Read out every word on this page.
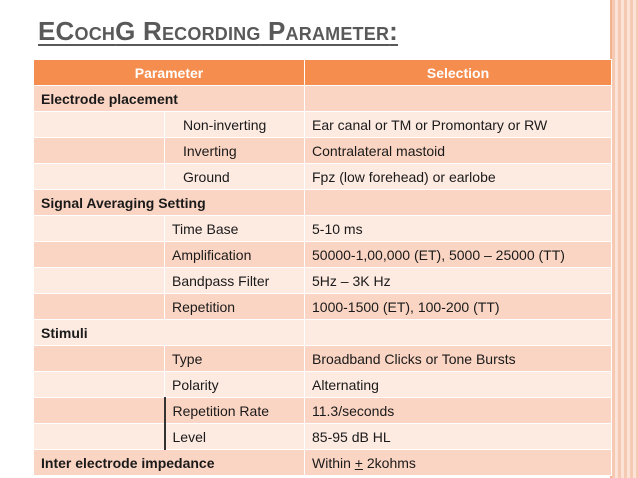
ECochG Recording Parameter:
Parameter		Selection
Electrode placement		
	Non-inverting	Ear canal or TM or Promontary or RW
	Inverting	Contralateral mastoid
	Ground	Fpz (low forehead) or earlobe
Signal Averaging Setting		
	Time Base	5-10 ms
	Amplification	50000-1,00,000 (ET), 5000 – 25000 (TT)
	Bandpass Filter	5Hz – 3K Hz
	Repetition	1000-1500 (ET), 100-200 (TT)
Stimuli		
	Type	Broadband Clicks or Tone Bursts
	Polarity	Alternating
	Repetition Rate	11.3/seconds
	Level	85-95 dB HL
Inter electrode impedance		Within + 2kohms
